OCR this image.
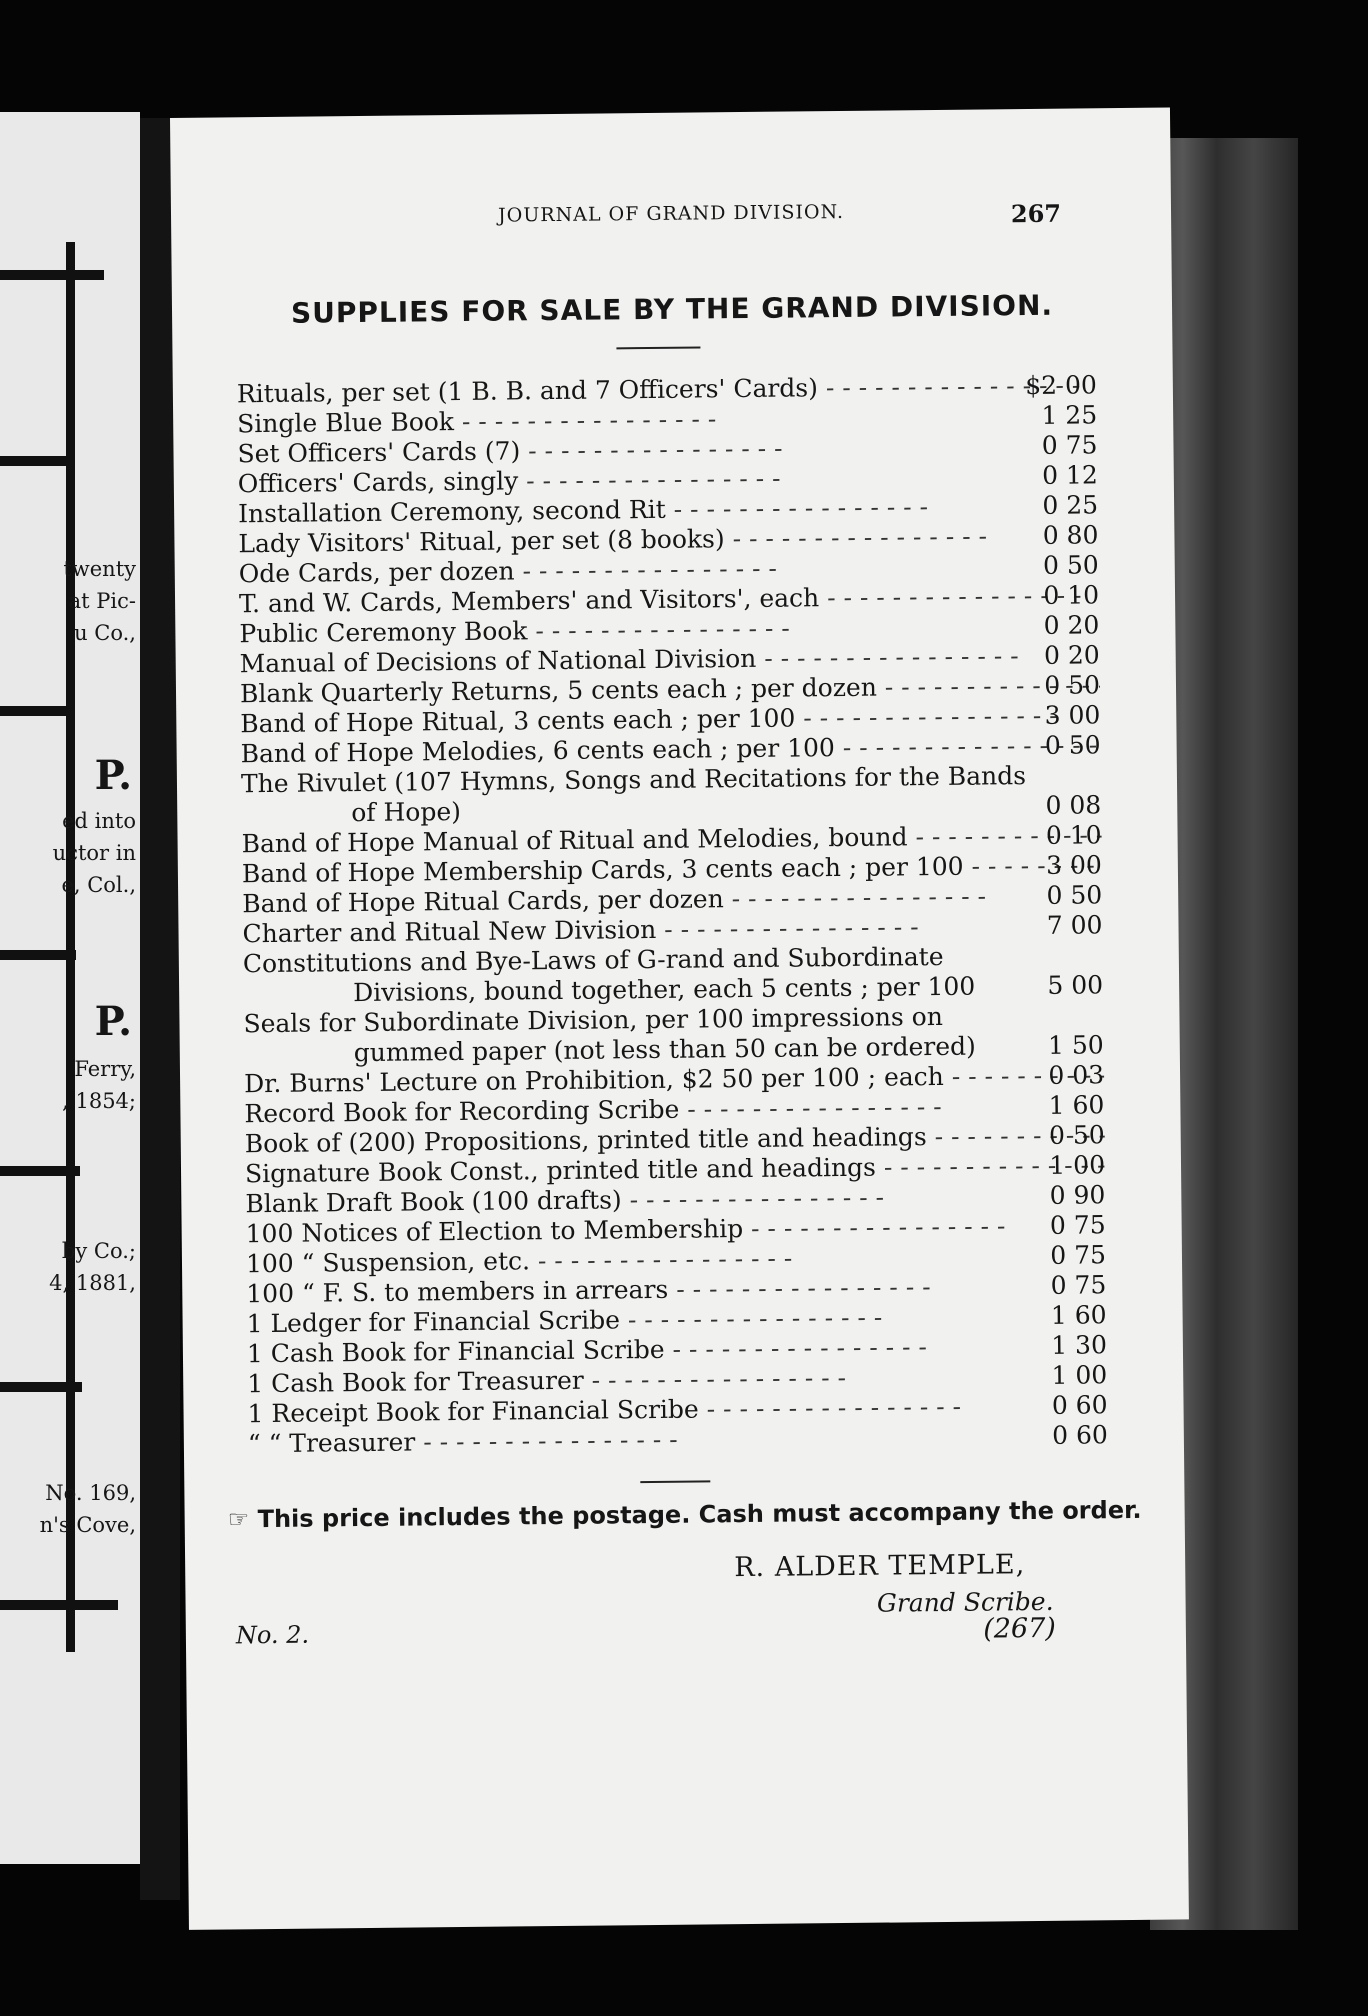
twenty
at Pic-
u Co.,
P.
ed into
uctor in
e, Col.,
P.
Ferry,
, 1854;
by Co.;
4, 1881,
No. 169,
n's Cove,
JOURNAL OF GRAND DIVISION.	267
SUPPLIES FOR SALE BY THE GRAND DIVISION.
Rituals, per set (1 B. B. and 7 Officers' Cards) - - -	$2 00
Single Blue Book - - -	1 25
Set Officers' Cards (7) - - -	0 75
Officers' Cards, singly - - -	0 12
Installation Ceremony, second Rit - - -	0 25
Lady Visitors' Ritual, per set (8 books) - - -	0 80
Ode Cards, per dozen - - -	0 50
T. and W. Cards, Members' and Visitors', each - - -	0 10
Public Ceremony Book - - -	0 20
Manual of Decisions of National Division - - -	0 20
Blank Quarterly Returns, 5 cents each ; per dozen - - -	0 50
Band of Hope Ritual, 3 cents each ; per 100 - - -	3 00
Band of Hope Melodies, 6 cents each ; per 100 - - -	0 50
The Rivulet (107 Hymns, Songs and Recitations for the Bands
of Hope)	0 08
Band of Hope Manual of Ritual and Melodies, bound - - -	0 10
Band of Hope Membership Cards, 3 cents each ; per 100 - - -	3 00
Band of Hope Ritual Cards, per dozen - - -	0 50
Charter and Ritual New Division - - -	7 00
Constitutions and Bye-Laws of G-rand and Subordinate
Divisions, bound together, each 5 cents ; per 100	5 00
Seals for Subordinate Division, per 100 impressions on
gummed paper (not less than 50 can be ordered)	1 50
Dr. Burns' Lecture on Prohibition, $2 50 per 100 ; each - - -	0 03
Record Book for Recording Scribe - - -	1 60
Book of (200) Propositions, printed title and headings - - -	0 50
Signature Book Const., printed title and headings - - -	1 00
Blank Draft Book (100 drafts) - - -	0 90
100 Notices of Election to Membership - - -	0 75
100 “ Suspension, etc. - - -	0 75
100 “ F. S. to members in arrears - - -	0 75
1 Ledger for Financial Scribe - - -	1 60
1 Cash Book for Financial Scribe - - -	1 30
1 Cash Book for Treasurer - - -	1 00
1 Receipt Book for Financial Scribe - - -	0 60
“ “ Treasurer - - -	0 60
☞ This price includes the postage. Cash must accompany the order.
R. ALDER TEMPLE,
Grand Scribe.
No. 2.	(267)
